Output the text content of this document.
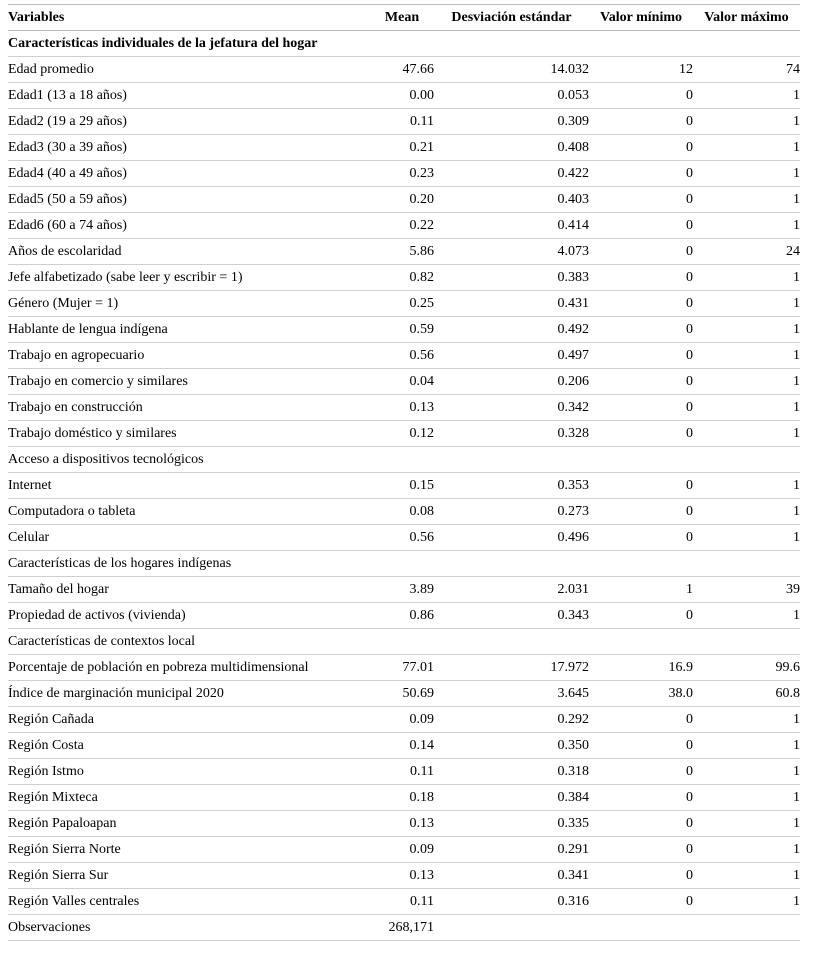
Variables	Mean	Desviación estándar	Valor mínimo	Valor máximo
Características individuales de la jefatura del hogar				
Edad promedio	47.66	14.032	12	74
Edad1 (13 a 18 años)	0.00	0.053	0	1
Edad2 (19 a 29 años)	0.11	0.309	0	1
Edad3 (30 a 39 años)	0.21	0.408	0	1
Edad4 (40 a 49 años)	0.23	0.422	0	1
Edad5 (50 a 59 años)	0.20	0.403	0	1
Edad6 (60 a 74 años)	0.22	0.414	0	1
Años de escolaridad	5.86	4.073	0	24
Jefe alfabetizado (sabe leer y escribir = 1)	0.82	0.383	0	1
Género (Mujer = 1)	0.25	0.431	0	1
Hablante de lengua indígena	0.59	0.492	0	1
Trabajo en agropecuario	0.56	0.497	0	1
Trabajo en comercio y similares	0.04	0.206	0	1
Trabajo en construcción	0.13	0.342	0	1
Trabajo doméstico y similares	0.12	0.328	0	1
Acceso a dispositivos tecnológicos				
Internet	0.15	0.353	0	1
Computadora o tableta	0.08	0.273	0	1
Celular	0.56	0.496	0	1
Características de los hogares indígenas				
Tamaño del hogar	3.89	2.031	1	39
Propiedad de activos (vivienda)	0.86	0.343	0	1
Características de contextos local				
Porcentaje de población en pobreza multidimensional	77.01	17.972	16.9	99.6
Índice de marginación municipal 2020	50.69	3.645	38.0	60.8
Región Cañada	0.09	0.292	0	1
Región Costa	0.14	0.350	0	1
Región Istmo	0.11	0.318	0	1
Región Mixteca	0.18	0.384	0	1
Región Papaloapan	0.13	0.335	0	1
Región Sierra Norte	0.09	0.291	0	1
Región Sierra Sur	0.13	0.341	0	1
Región Valles centrales	0.11	0.316	0	1
Observaciones	268,171			
